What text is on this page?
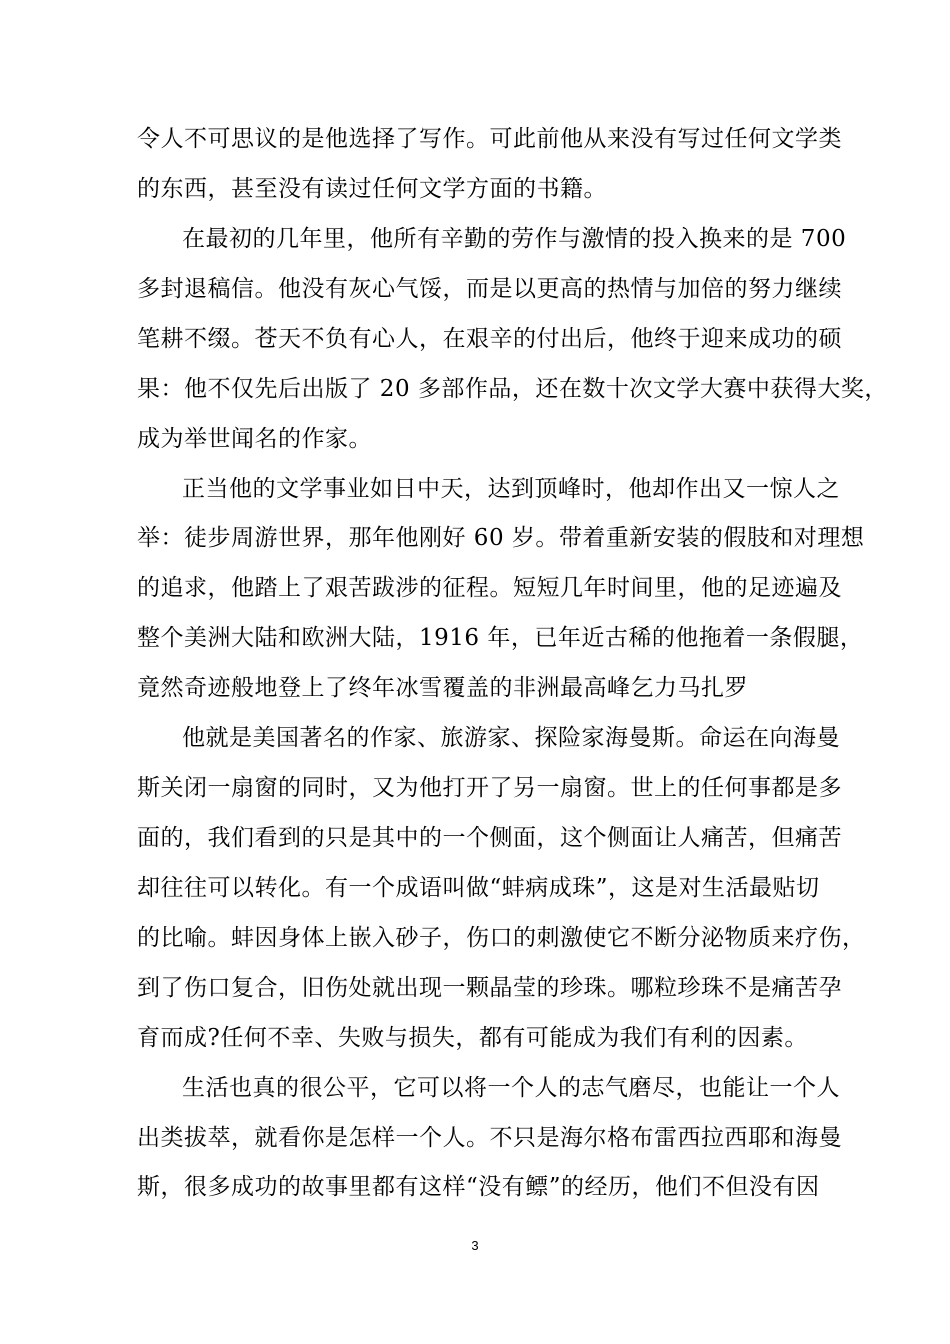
令人不可思议的是他选择了写作。可此前他从来没有写过任何文学类

的东西，甚至没有读过任何文学方面的书籍。

在最初的几年里，他所有辛勤的劳作与激情的投入换来的是 700

多封退稿信。他没有灰心气馁，而是以更高的热情与加倍的努力继续

笔耕不缀。苍天不负有心人，在艰辛的付出后，他终于迎来成功的硕

果：他不仅先后出版了 20 多部作品，还在数十次文学大赛中获得大奖，

成为举世闻名的作家。

正当他的文学事业如日中天，达到顶峰时，他却作出又一惊人之

举：徒步周游世界，那年他刚好 60 岁。带着重新安装的假肢和对理想

的追求，他踏上了艰苦跋涉的征程。短短几年时间里，他的足迹遍及

整个美洲大陆和欧洲大陆，1916 年，已年近古稀的他拖着一条假腿，

竟然奇迹般地登上了终年冰雪覆盖的非洲最高峰乞力马扎罗

他就是美国著名的作家、旅游家、探险家海曼斯。命运在向海曼

斯关闭一扇窗的同时，又为他打开了另一扇窗。世上的任何事都是多

面的，我们看到的只是其中的一个侧面，这个侧面让人痛苦，但痛苦

却往往可以转化。有一个成语叫做“蚌病成珠”，这是对生活最贴切

的比喻。蚌因身体上嵌入砂子，伤口的刺激使它不断分泌物质来疗伤，

到了伤口复合，旧伤处就出现一颗晶莹的珍珠。哪粒珍珠不是痛苦孕

育而成?任何不幸、失败与损失，都有可能成为我们有利的因素。

生活也真的很公平，它可以将一个人的志气磨尽，也能让一个人

出类拔萃，就看你是怎样一个人。不只是海尔格布雷西拉西耶和海曼

斯，很多成功的故事里都有这样“没有鳔”的经历，他们不但没有因

3
